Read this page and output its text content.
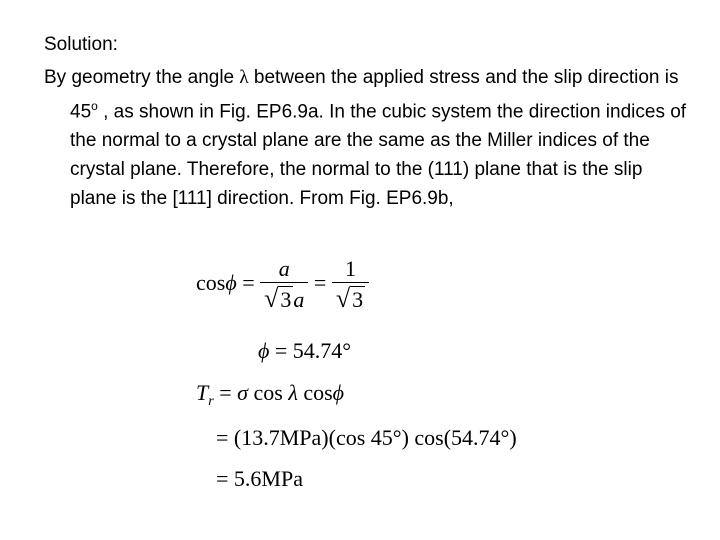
Solution:

By geometry the angle λ between the applied stress and the slip direction is 45$^o$ , as shown in Fig. EP6.9a. In the cubic system the direction indices of the normal to a crystal plane are the same as the Miller indices of the crystal plane. Therefore, the normal to the (111) plane that is the slip plane is the [111] direction. From Fig. EP6.9b,

$\cos\phi = \frac{a}{√3a} = \frac{1}{√3}$
ϕ = 54.74°
$T_r = \sigma$ cos λ cosϕ
= (13.7MPa)(cos 45°) cos(54.74°)
= 5.6MPa
